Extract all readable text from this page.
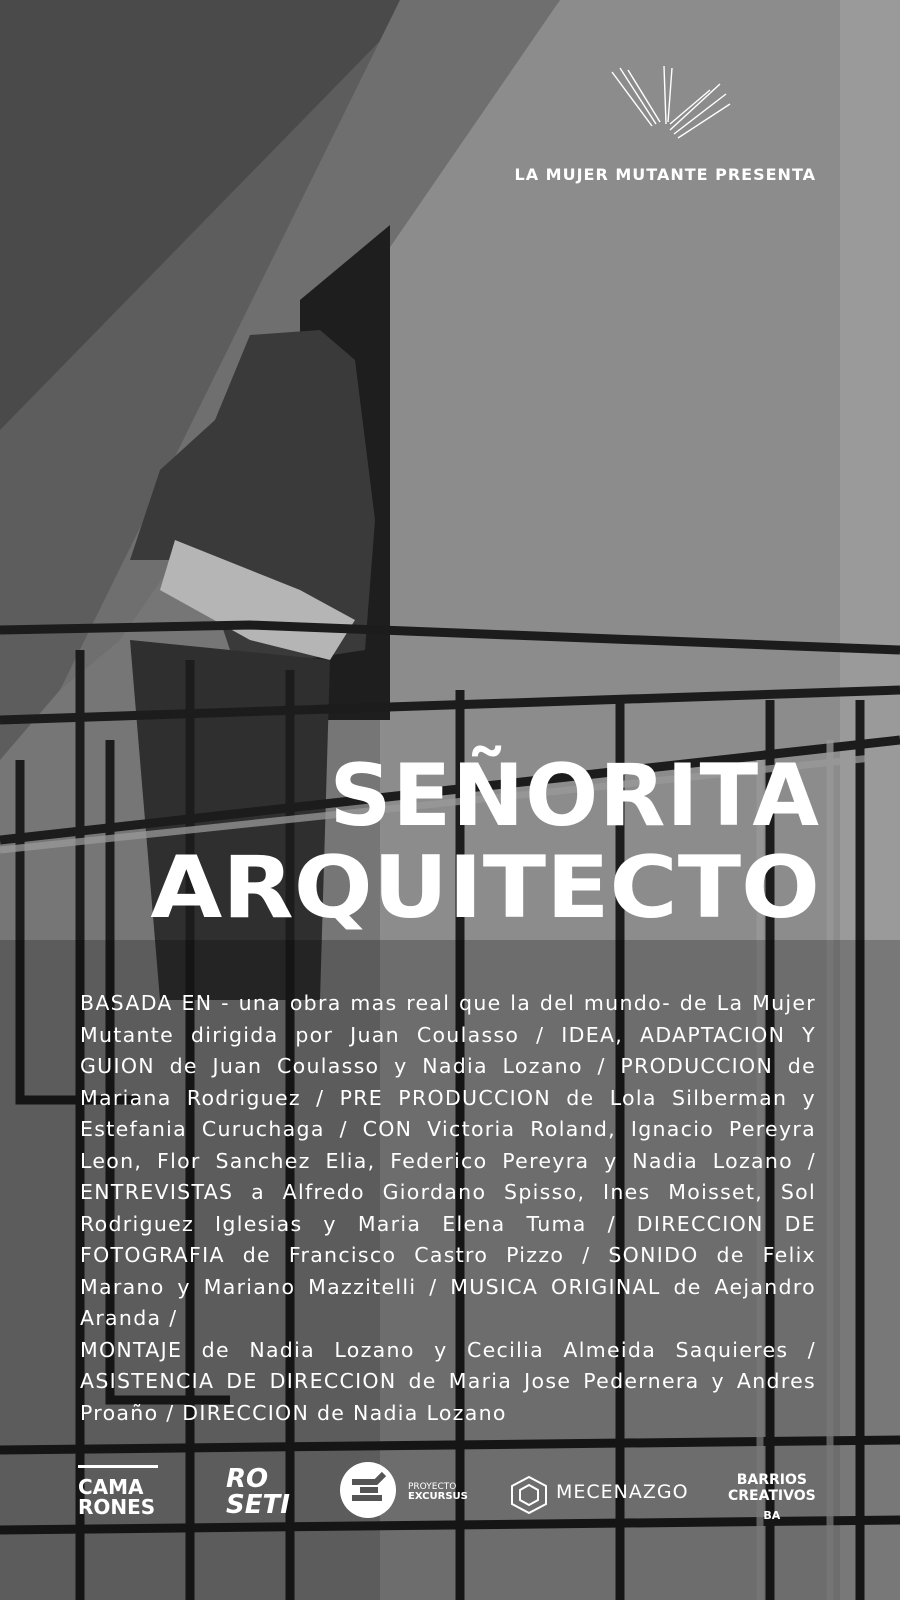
LA MUJER MUTANTE PRESENTA
SEÑORITA
ARQUITECTO

BASADA EN - una obra mas real que la del mundo- de La Mujer Mutante dirigida por Juan Coulasso / IDEA, ADAPTACION Y GUION de Juan Coulasso y Nadia Lozano / PRODUCCION de Mariana Rodriguez / PRE PRODUCCION de Lola Silberman y Estefania Curuchaga / CON Victoria Roland, Ignacio Pereyra Leon, Flor Sanchez Elia, Federico Pereyra y Nadia Lozano / ENTREVISTAS a Alfredo Giordano Spisso, Ines Moisset, Sol Rodriguez Iglesias y Maria Elena Tuma / DIRECCION DE FOTOGRAFIA de Francisco Castro Pizzo / SONIDO de Felix Marano y Mariano Mazzitelli / MUSICA ORIGINAL de Aejandro Aranda /

MONTAJE de Nadia Lozano y Cecilia Almeida Saquieres / ASISTENCIA DE DIRECCION de Maria Jose Pedernera y Andres Proaño / DIRECCION de Nadia Lozano

CAMA
RONES
RO
SETI
PROYECTO
EXCURSUS	MECENAZGO
BARRIOS
CREATIVOS
BA
